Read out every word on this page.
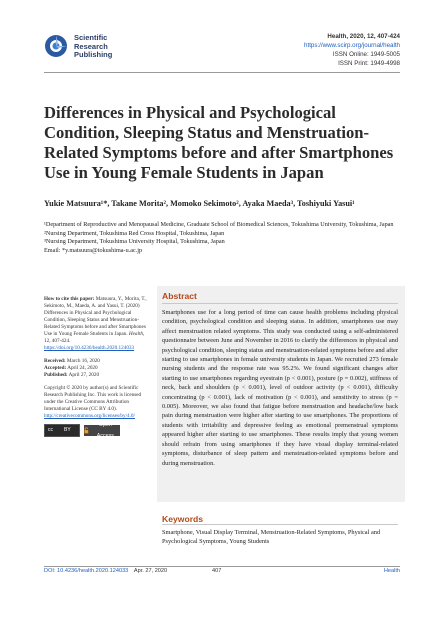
Scientific
Research
Publishing
Health, 2020, 12, 407-424
https://www.scirp.org/journal/health
ISSN Online: 1949-5005
ISSN Print: 1949-4998
Differences in Physical and Psychological Condition, Sleeping Status and Menstruation-Related Symptoms before and after Smartphones Use in Young Female Students in Japan
Yukie Matsuura¹*, Takane Morita², Momoko Sekimoto², Ayaka Maeda³, Toshiyuki Yasui¹

¹Department of Reproductive and Menopausal Medicine, Graduate School of Biomedical Sciences, Tokushima University, Tokushima, Japan

²Nursing Department, Tokushima Red Cross Hospital, Tokushima, Japan

³Nursing Department, Tokushima University Hospital, Tokushima, Japan

Email: *y.matsuura@tokushima-u.ac.jp

How to cite this paper: Matsuura, Y., Morita, T., Sekimoto, M., Maeda, A. and Yasui, T. (2020) Differences in Physical and Psychological Condition, Sleeping Status and Menstruation-Related Symptoms before and after Smartphones Use in Young Female Students in Japan. Health, 12, 407-424. https://doi.org/10.4236/health.2020.124033

Received: March 16, 2020
Accepted: April 24, 2020
Published: April 27, 2020

Copyright © 2020 by author(s) and Scientific Research Publishing Inc. This work is licensed under the Creative Commons Attribution International License (CC BY 4.0).
http://creativecommons.org/licenses/by/4.0/

cc BY
Open Access
Abstract
Smartphones use for a long period of time can cause health problems including physical condition, psychological condition and sleeping status. In addition, smartphones use may affect menstruation related symptoms. This study was conducted using a self-administered questionnaire between June and November in 2016 to clarify the differences in physical and psychological condition, sleeping status and menstruation-related symptoms before and after starting to use smartphones in female university students in Japan. We recruited 273 female nursing students and the response rate was 95.2%. We found significant changes after starting to use smartphones regarding eyestrain (p < 0.001), posture (p = 0.002), stiffness of neck, back and shoulders (p < 0.001), level of outdoor activity (p < 0.001), difficulty concentrating (p < 0.001), lack of motivation (p < 0.001), and sensitivity to stress (p = 0.005). Moreover, we also found that fatigue before menstruation and headache/low back pain during menstruation were higher after starting to use smartphones. The proportions of students with irritability and depressive feeling as emotional premenstrual symptoms appeared higher after starting to use smartphones. These results imply that young women should refrain from using smartphones if they have visual display terminal-related symptoms, disturbance of sleep pattern and menstruation-related symptoms before and during menstruation.
Keywords
Smartphone, Visual Display Terminal, Menstruation-Related Symptoms, Physical and Psychological Symptoms, Young Students
DOI: 10.4236/health.2020.124033 Apr. 27, 2020	407	Health
